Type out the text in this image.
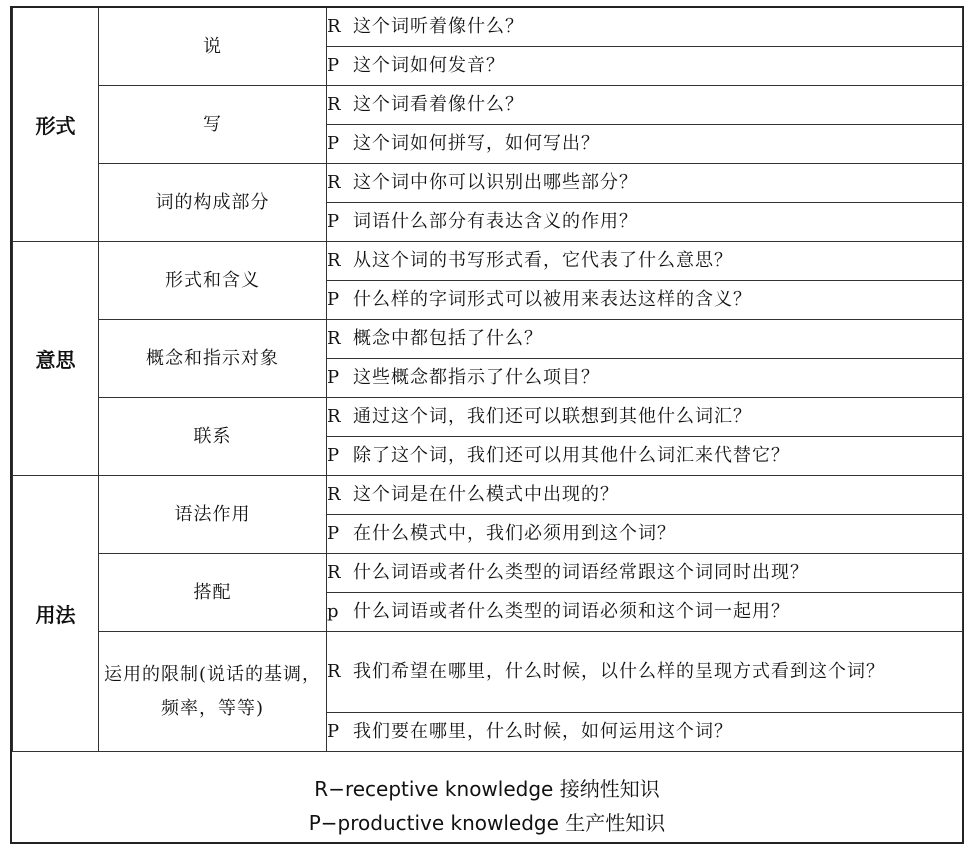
形式	说	R 这个词听着像什么？
		P 这个词如何发音？
	写	R 这个词看着像什么？
		P 这个词如何拼写，如何写出？
	词的构成部分	R 这个词中你可以识别出哪些部分？
		P 词语什么部分有表达含义的作用？
意思	形式和含义	R 从这个词的书写形式看，它代表了什么意思？
		P 什么样的字词形式可以被用来表达这样的含义？
	概念和指示对象	R 概念中都包括了什么？
		P 这些概念都指示了什么项目？
	联系	R 通过这个词，我们还可以联想到其他什么词汇？
		P 除了这个词，我们还可以用其他什么词汇来代替它？
用法	语法作用	R 这个词是在什么模式中出现的？
		P 在什么模式中，我们必须用到这个词？
	搭配	R 什么词语或者什么类型的词语经常跟这个词同时出现？
		p 什么词语或者什么类型的词语必须和这个词一起用？
	运用的限制(说话的基调，频率，等等)	R 我们希望在哪里，什么时候，以什么样的呈现方式看到这个词？
		P 我们要在哪里，什么时候，如何运用这个词？
R−receptive knowledge 接纳性知识
P−productive knowledge 生产性知识
